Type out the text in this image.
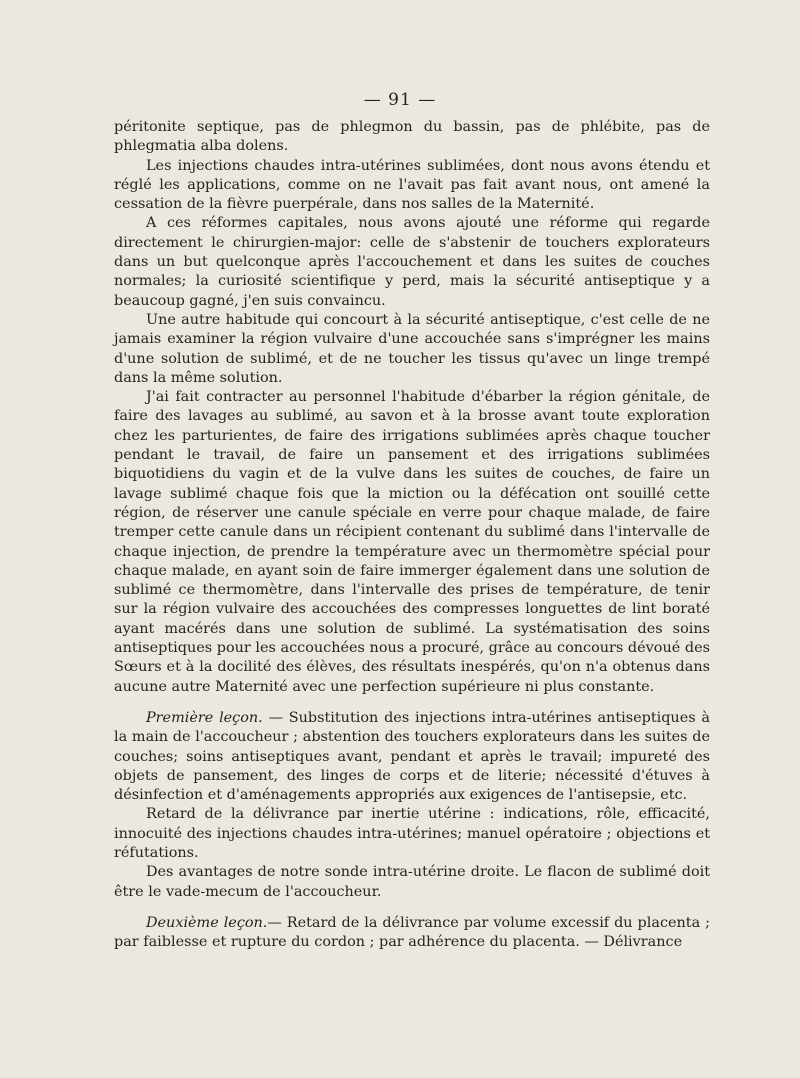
— 91 —

péritonite septique, pas de phlegmon du bassin, pas de phlébite, pas de phlegmatia alba dolens.

Les injections chaudes intra-utérines sublimées, dont nous avons étendu et réglé les applications, comme on ne l'avait pas fait avant nous, ont amené la cessation de la fièvre puerpérale, dans nos salles de la Maternité.

A ces réformes capitales, nous avons ajouté une réforme qui regarde directement le chirurgien-major: celle de s'abstenir de touchers explorateurs dans un but quelconque après l'accouchement et dans les suites de couches normales; la curiosité scientifique y perd, mais la sécurité antiseptique y a beaucoup gagné, j'en suis convaincu.

Une autre habitude qui concourt à la sécurité antiseptique, c'est celle de ne jamais examiner la région vulvaire d'une accouchée sans s'imprégner les mains d'une solution de sublimé, et de ne toucher les tissus qu'avec un linge trempé dans la même solution.

J'ai fait contracter au personnel l'habitude d'ébarber la région génitale, de faire des lavages au sublimé, au savon et à la brosse avant toute exploration chez les parturientes, de faire des irrigations sublimées après chaque toucher pendant le travail, de faire un pansement et des irrigations sublimées biquotidiens du vagin et de la vulve dans les suites de couches, de faire un lavage sublimé chaque fois que la miction ou la défécation ont souillé cette région, de réserver une canule spéciale en verre pour chaque malade, de faire tremper cette canule dans un récipient contenant du sublimé dans l'intervalle de chaque injection, de prendre la température avec un thermomètre spécial pour chaque malade, en ayant soin de faire immerger également dans une solution de sublimé ce thermomètre, dans l'intervalle des prises de température, de tenir sur la région vulvaire des accouchées des compresses longuettes de lint boraté ayant macérés dans une solution de sublimé. La systématisation des soins antiseptiques pour les accouchées nous a procuré, grâce au concours dévoué des Sœurs et à la docilité des élèves, des résultats inespérés, qu'on n'a obtenus dans aucune autre Maternité avec une perfection supérieure ni plus constante.

Première leçon. — Substitution des injections intra-utérines antiseptiques à la main de l'accoucheur ; abstention des touchers explorateurs dans les suites de couches; soins antiseptiques avant, pendant et après le travail; impureté des objets de pansement, des linges de corps et de literie; nécessité d'étuves à désinfection et d'aménagements appropriés aux exigences de l'antisepsie, etc.

Retard de la délivrance par inertie utérine : indications, rôle, efficacité, innocuité des injections chaudes intra-utérines; manuel opératoire ; objections et réfutations.

Des avantages de notre sonde intra-utérine droite. Le flacon de sublimé doit être le vade-mecum de l'accoucheur.

Deuxième leçon.— Retard de la délivrance par volume excessif du placenta ; par faiblesse et rupture du cordon ; par adhérence du placenta. — Délivrance
